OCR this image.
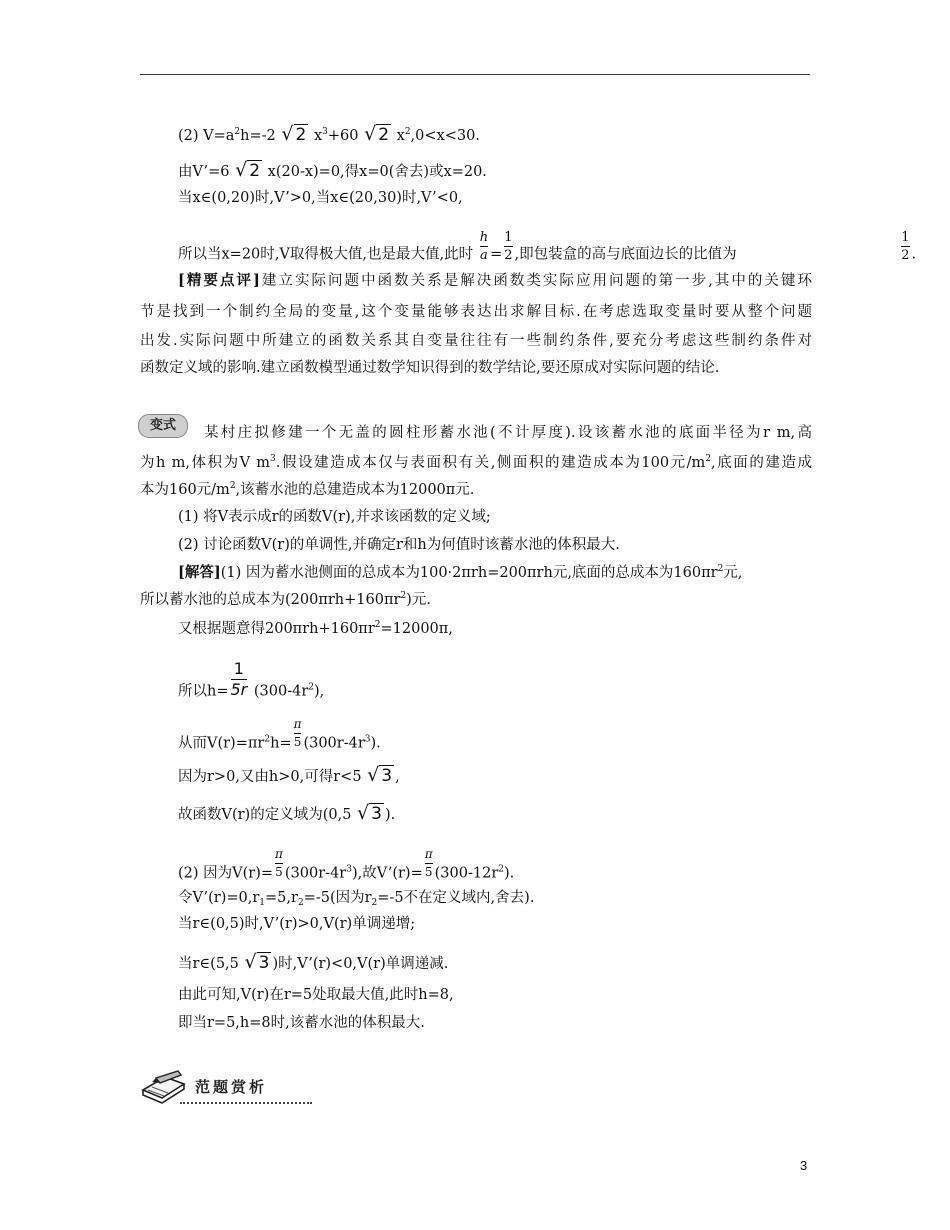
(2) $V=a^2h=-2$ √ 2 $x^3+60$ √ 2 $x^2,0<x<30$.
由V’=6 √ 2 x(20-x)=0,得x=0(舍去)或x=20.
当x∈(0,20)时,V’>0,当x∈(20,30)时,V’<0,
所以当x=20时,V取得极大值,也是最大值,此时 $\frac{h}{a} = \frac{1}{2}$ ,即包装盒的高与底面边长的比值为	$\frac{1}{2}$ .
[精要点评]建立实际问题中函数关系是解决函数类实际应用问题的第一步,其中的关键环
节是找到一个制约全局的变量,这个变量能够表达出求解目标.在考虑选取变量时要从整个问题
出发.实际问题中所建立的函数关系其自变量往往有一些制约条件,要充分考虑这些制约条件对
函数定义域的影响.建立函数模型通过数学知识得到的数学结论,要还原成对实际问题的结论.
变式	某村庄拟修建一个无盖的圆柱形蓄水池(不计厚度).设该蓄水池的底面半径为r m,高
为h m,体积为V $m^3$.假设建造成本仅与表面积有关,侧面积的建造成本为100元$/m^2$,底面的建造成
本为160元$/m^2$,该蓄水池的总建造成本为12000π元.
(1) 将V表示成r的函数V(r),并求该函数的定义域;
(2) 讨论函数V(r)的单调性,并确定r和h为何值时该蓄水池的体积最大.
[解答](1) 因为蓄水池侧面的总成本为100·2πrh=200πrh元,底面的总成本为$160\pi r^2$元,
所以蓄水池的总成本为$(200\pi rh+160\pi r^2)$元.
又根据题意得$200\pi rh+160\pi r^2=12000\pi$,
所以$h= \frac{1}{5r} (300-4r^2)$,
从而$V(r)=\pi r^2h= \frac{\pi}{5} (300r-4r^3)$.
因为r>0,又由h>0,可得r<5 √ 3 ,
故函数V(r)的定义域为(0,5 √ 3 ).
(2) 因为$V(r)= \frac{\pi}{5} (300r-4r^3)$,故V’(r)= $\frac{\pi}{5} (300-12r^2)$.
令$V’(r)=0,r_1=5,r_2=-5$(因为$r_2=-5$不在定义域内,舍去).
当r∈(0,5)时,V’(r)>0,V(r)单调递增;
当r∈(5,5 √ 3 )时,V’(r)<0,V(r)单调递减.
由此可知,V(r)在r=5处取最大值,此时h=8,
即当r=5,h=8时,该蓄水池的体积最大.
范题赏析
3
